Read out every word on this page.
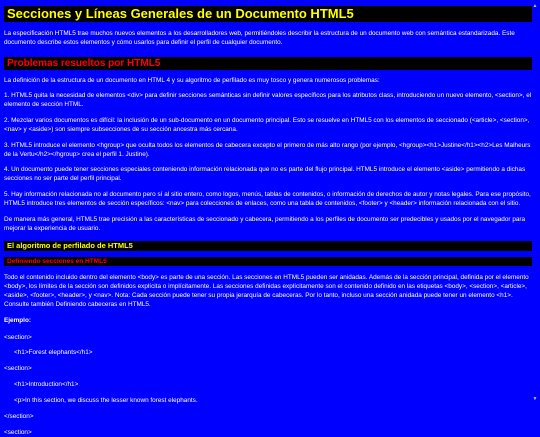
Secciones y Líneas Generales de un Documento HTML5

La especificación HTML5 trae muchos nuevos elementos a los desarrolladores web, permitiéndoles describir la estructura de un documento web con semántica estandarizada. Este documento describe estos elementos y cómo usarlos para definir el perfil de cualquier documento.

Problemas resueltos por HTML5

La definición de la estructura de un documento en HTML 4 y su algoritmo de perfilado es muy tosco y genera numerosos problemas:

1. HTML5 quita la necesidad de elementos <div> para definir secciones semánticas sin definir valores específicos para los atributos class, introduciendo un nuevo elemento, <section>, el elemento de sección HTML.

2. Mezclar varios documentos es difícil: la inclusión de un sub-documento en un documento principal. Esto se resuelve en HTML5 con los elementos de seccionado (<article>, <section>, <nav> y <aside>) son siempre subsecciones de su sección ancestra más cercana.

3. HTML5 introduce el elemento <hgroup> que oculta todos los elementos de cabecera excepto el primero de más alto rango (por ejemplo, <hgroup><h1>Justine</h1><h2>Les Malheurs de la Vertu</h2></hgroup> crea el perfil 1. Justine).

4. Un documento puede tener secciones especiales conteniendo información relacionada que no es parte del flujo principal. HTML5 introduce el elemento <aside> permitiendo a dichas secciones no ser parte del perfil principal.

5. Hay información relacionada no al documento pero sí al sitio entero, como logos, menús, tablas de contenidos, o información de derechos de autor y notas legales. Para ese propósito, HTML5 introduce tres elementos de sección específicos: <nav> para colecciones de enlaces, como una tabla de contenidos, <footer> y <header> información relacionada con el sitio.

De manera más general, HTML5 trae precisión a las características de seccionado y cabecera, permitiendo a los perfiles de documento ser predecibles y usados por el navegador para mejorar la experiencia de usuario.

El algoritmo de perfilado de HTML5
Definiendo secciones en HTML5

Todo el contenido incluido dentro del elemento <body> es parte de una sección. Las secciones en HTML5 pueden ser anidadas. Además de la sección principal, definida por el elemento <body>, los límites de la sección son definidos explícita o implícitamente. Las secciones definidas explícitamente son el contenido definido en las etiquetas <body>, <section>, <article>, <aside>, <footer>, <header>, y <nav>. Nota: Cada sección puede tener su propia jerarquía de cabeceras. Por lo tanto, incluso una sección anidada puede tener un elemento <h1>. Consulte también Definiendo cabeceras en HTML5.

Ejemplo:

<section>
<h1>Forest elephants</h1>
<section>
<h1>Introduction</h1>
<p>In this section, we discuss the lesser known forest elephants.
</section>
<section>
▲
▼
